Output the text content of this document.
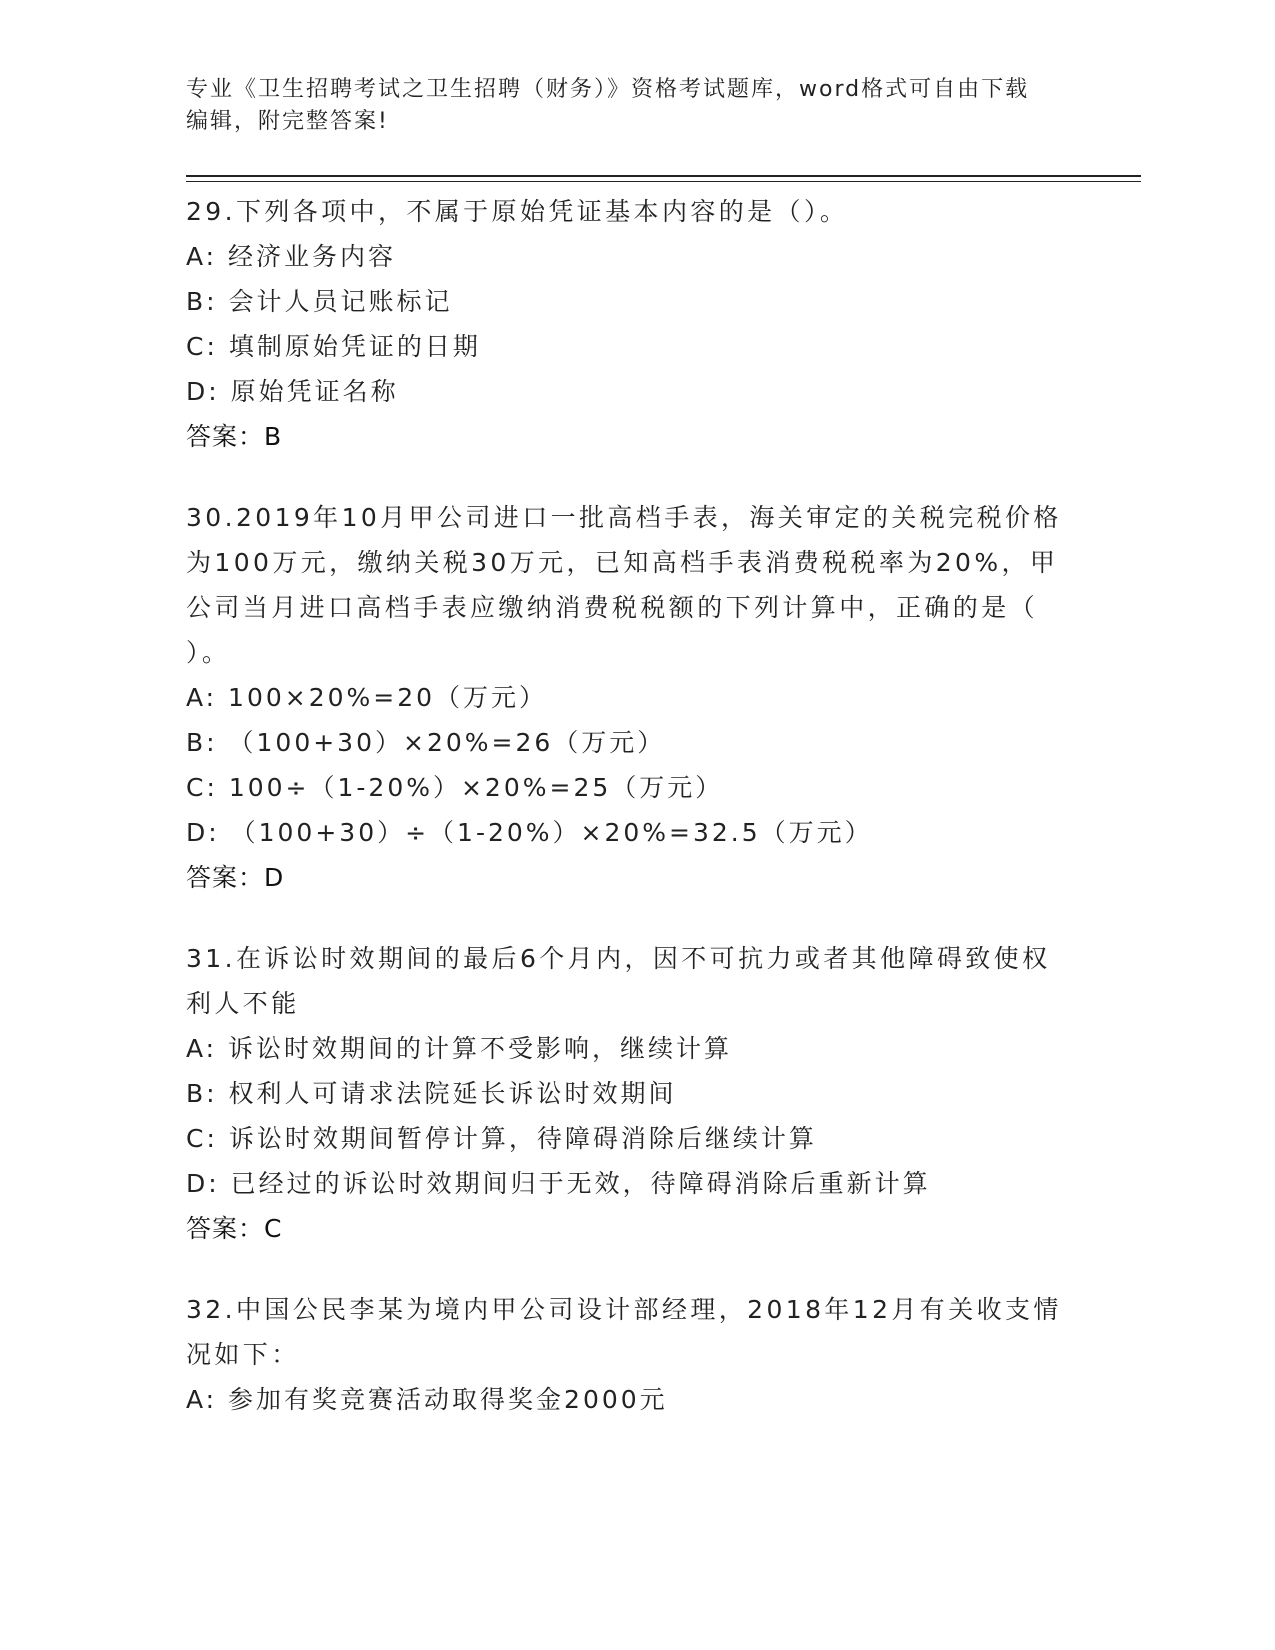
专业《卫生招聘考试之卫生招聘（财务）》资格考试题库，word格式可自由下载
编辑，附完整答案!
29.下列各项中，不属于原始凭证基本内容的是（）。
A: 经济业务内容
B: 会计人员记账标记
C: 填制原始凭证的日期
D: 原始凭证名称
答案：B
30.2019年10月甲公司进口一批高档手表，海关审定的关税完税价格
为100万元，缴纳关税30万元，已知高档手表消费税税率为20%，甲
公司当月进口高档手表应缴纳消费税税额的下列计算中，正确的是（
）。
A: 100×20%=20（万元）
B: （100+30）×20%=26（万元）
C: 100÷（1-20%）×20%=25（万元）
D: （100+30）÷（1-20%）×20%=32.5（万元）
答案：D
31.在诉讼时效期间的最后6个月内，因不可抗力或者其他障碍致使权
利人不能
A: 诉讼时效期间的计算不受影响，继续计算
B: 权利人可请求法院延长诉讼时效期间
C: 诉讼时效期间暂停计算，待障碍消除后继续计算
D: 已经过的诉讼时效期间归于无效，待障碍消除后重新计算
答案：C
32.中国公民李某为境内甲公司设计部经理，2018年12月有关收支情
况如下：
A: 参加有奖竞赛活动取得奖金2000元
